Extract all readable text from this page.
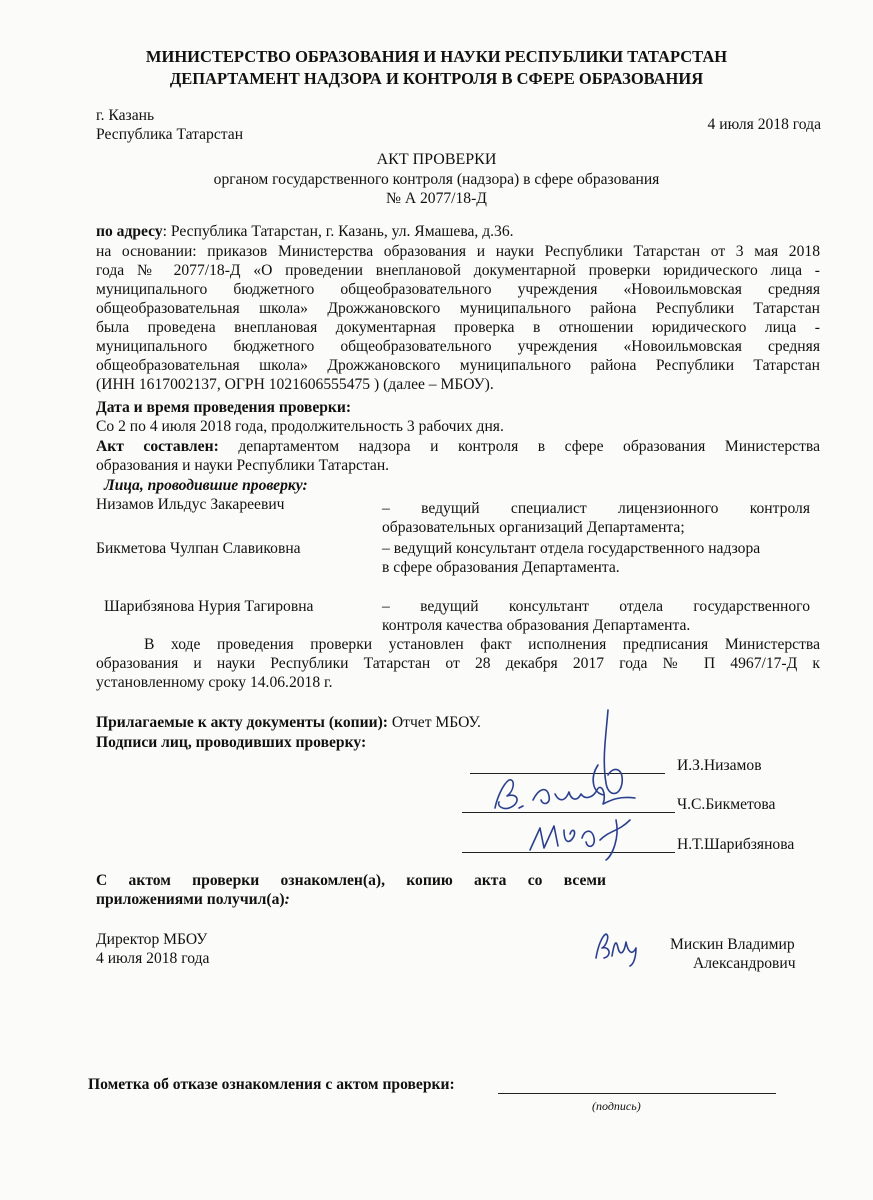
МИНИСТЕРСТВО ОБРАЗОВАНИЯ И НАУКИ РЕСПУБЛИКИ ТАТАРСТАН
ДЕПАРТАМЕНТ НАДЗОРА И КОНТРОЛЯ В СФЕРЕ ОБРАЗОВАНИЯ
г. Казань
Республика Татарстан
4 июля 2018 года
АКТ ПРОВЕРКИ
органом государственного контроля (надзора) в сфере образования
№ А 2077/18-Д
по адресу: Республика Татарстан, г. Казань, ул. Ямашева, д.36.
на основании: приказов Министерства образования и науки Республики Татарстан от 3 мая 2018
года № 2077/18-Д «О проведении внеплановой документарной проверки юридического лица -
муниципального бюджетного общеобразовательного учреждения «Новоильмовская средняя
общеобразовательная школа» Дрожжановского муниципального района Республики Татарстан
была проведена внеплановая документарная проверка в отношении юридического лица -
муниципального бюджетного общеобразовательного учреждения «Новоильмовская средняя
общеобразовательная школа» Дрожжановского муниципального района Республики Татарстан
(ИНН 1617002137, ОГРН 1021606555475 ) (далее – МБОУ).
Дата и время проведения проверки:
Со 2 по 4 июля 2018 года, продолжительность 3 рабочих дня.
Акт составлен: департаментом надзора и контроля в сфере образования Министерства
образования и науки Республики Татарстан.
Лица, проводившие проверку:
Низамов Ильдус Закареевич	– ведущий специалист лицензионного контроля
образовательных организаций Департамента;
Бикметова Чулпан Славиковна	– ведущий консультант отдела государственного надзора
в сфере образования Департамента.
Шарибзянова Нурия Тагировна	– ведущий консультант отдела государственного
контроля качества образования Департамента.
В ходе проведения проверки установлен факт исполнения предписания Министерства
образования и науки Республики Татарстан от 28 декабря 2017 года № П 4967/17-Д к
установленному сроку 14.06.2018 г.
Прилагаемые к акту документы (копии): Отчет МБОУ.
Подписи лиц, проводивших проверку:
И.З.Низамов
Ч.С.Бикметова
Н.Т.Шарибзянова
С актом проверки ознакомлен(а), копию акта со всеми
приложениями получил(а):
Директор МБОУ
4 июля 2018 года
Мискин Владимир
Александрович
Пометка об отказе ознакомления с актом проверки:
(подпись)
